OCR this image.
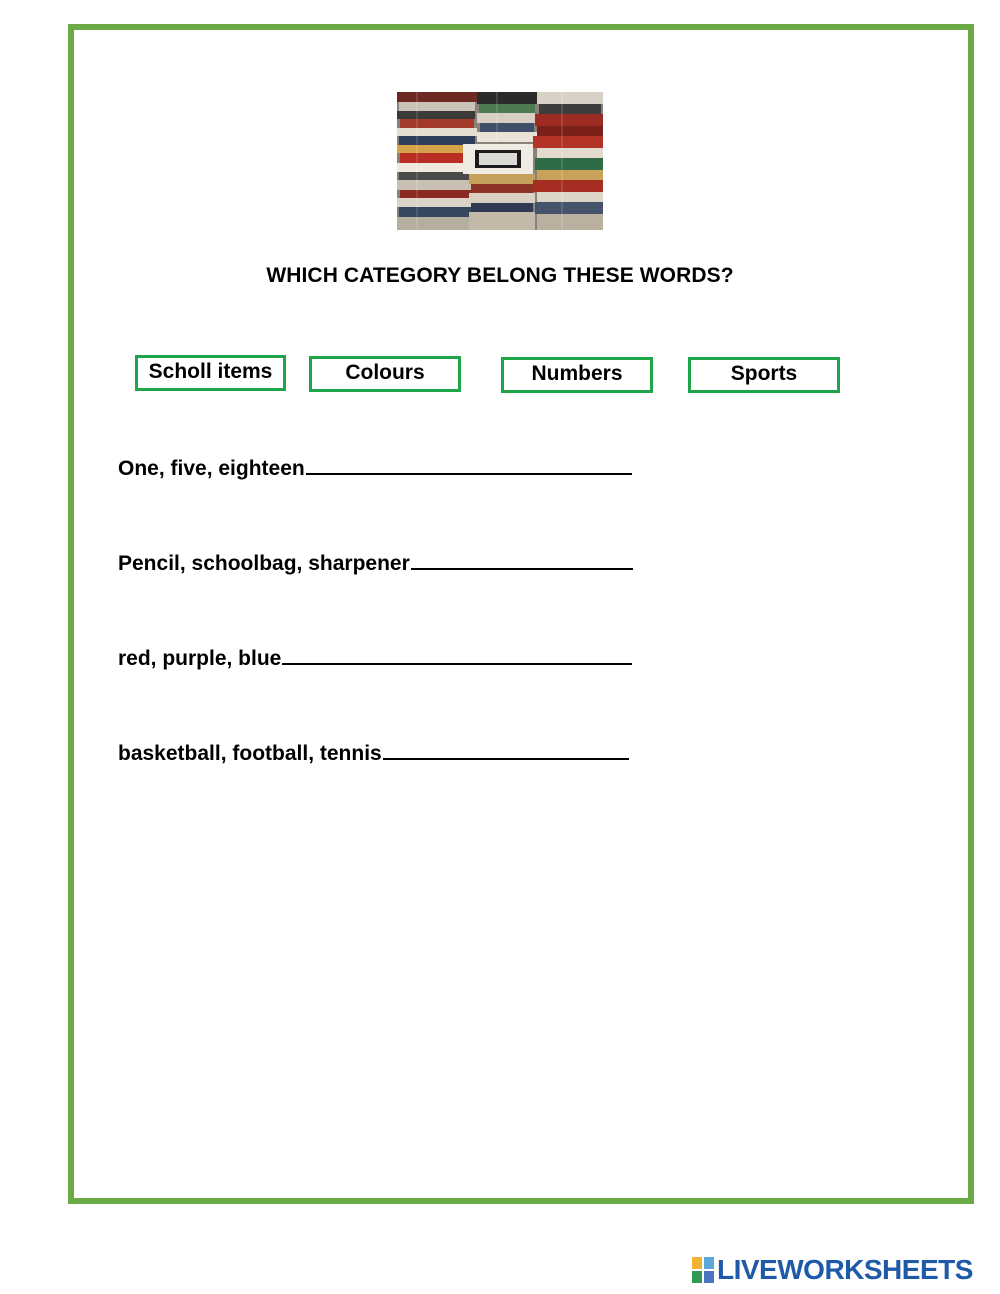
WHICH CATEGORY BELONG THESE WORDS?
Scholl items	Colours	Numbers	Sports
One, five, eighteen
Pencil, schoolbag, sharpener
red, purple, blue
basketball, football, tennis
LIVEWORKSHEETS
